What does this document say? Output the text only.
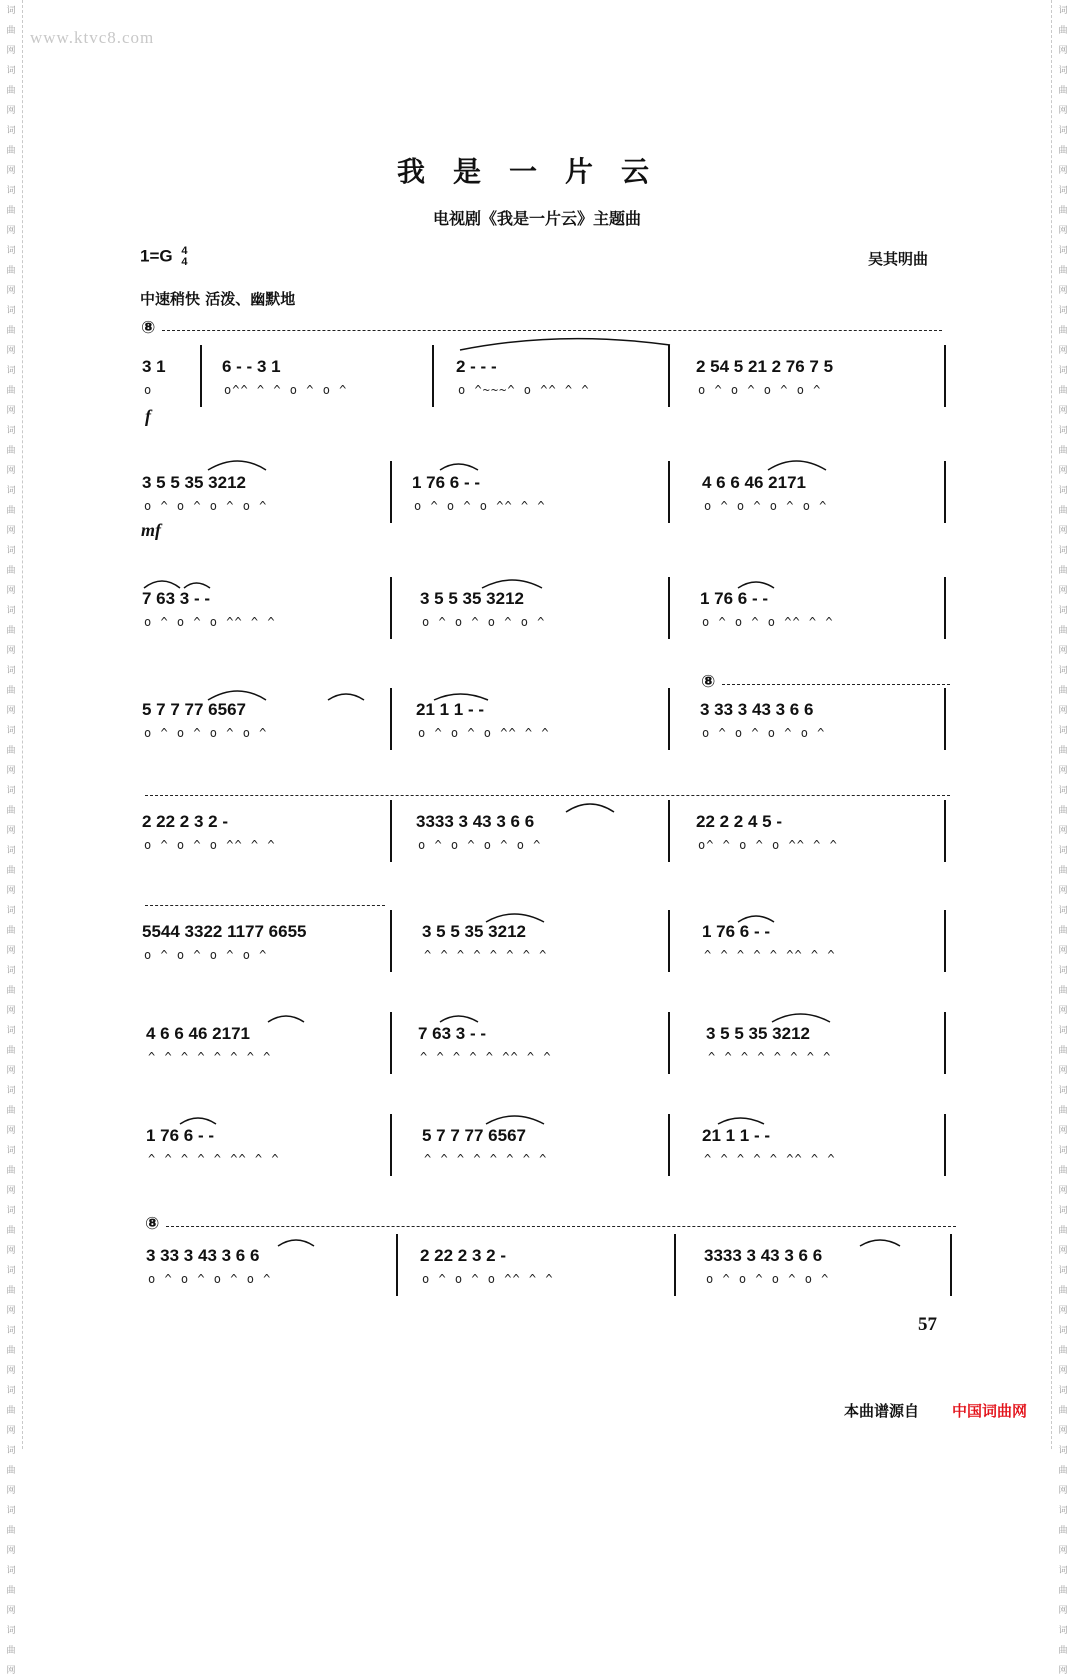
词
曲
网
词
曲
网
词
曲
网
词
曲
网
词
曲
网
词
曲
网
词
曲
网
词
曲
网
词
曲
网
词
曲
网
词
曲
网
词
曲
网
词
曲
网
词
曲
网
词
曲
网
词
曲
网
词
曲
网
词
曲
网
词
曲
网
词
曲
网
词
曲
网
词
曲
网
词
曲
网
词
曲
网
词
曲
网
词
曲
网
词
曲
网
词
曲
网
词
曲
网
词
曲
网
词
曲
网
词
曲
网
词
曲
网
词
曲
网
词
曲
网
词
曲
网
词
曲
网
词
曲
网
词
曲
网
词
曲
网
词
曲
网
词
曲
网
词
曲
网
词
曲
网
词
曲
网
词
曲
网
词
曲
网
词
曲
网
词
曲
网
词
曲
网
词
曲
网
词
曲
网
词
曲
网
词
曲
网
词
曲
网
词
曲
网
www.ktvc8.com
我是一片云
电视剧《我是一片云》主题曲
1=G 4
4	吴其明曲
中速稍快 活泼、幽默地
⑧
⑧
⑧
f
mf
3 1
o
6 - - 3 1
o^^ ^ ^ o ^ o ^
2 - - -
o ^~~~^ o ^^ ^ ^
2 54 5 21 2 76 7 5
o ^ o ^ o ^ o ^
3 5 5 35 3212
o ^ o ^ o ^ o ^
1 76 6 - -
o ^ o ^ o ^^ ^ ^
4 6 6 46 2171
o ^ o ^ o ^ o ^
7 63 3 - -
o ^ o ^ o ^^ ^ ^
3 5 5 35 3212
o ^ o ^ o ^ o ^
1 76 6 - -
o ^ o ^ o ^^ ^ ^
5 7 7 77 6567
o ^ o ^ o ^ o ^
21 1 1 - -
o ^ o ^ o ^^ ^ ^
3 33 3 43 3 6 6
o ^ o ^ o ^ o ^
2 22 2 3 2 -
o ^ o ^ o ^^ ^ ^
3333 3 43 3 6 6
o ^ o ^ o ^ o ^
22 2 2 4 5 -
o^ ^ o ^ o ^^ ^ ^
5544 3322 1177 6655
o ^ o ^ o ^ o ^
3 5 5 35 3212
^ ^ ^ ^ ^ ^ ^ ^
1 76 6 - -
^ ^ ^ ^ ^ ^^ ^ ^
4 6 6 46 2171
^ ^ ^ ^ ^ ^ ^ ^
7 63 3 - -
^ ^ ^ ^ ^ ^^ ^ ^
3 5 5 35 3212
^ ^ ^ ^ ^ ^ ^ ^
1 76 6 - -
^ ^ ^ ^ ^ ^^ ^ ^
5 7 7 77 6567
^ ^ ^ ^ ^ ^ ^ ^
21 1 1 - -
^ ^ ^ ^ ^ ^^ ^ ^
3 33 3 43 3 6 6
o ^ o ^ o ^ o ^
2 22 2 3 2 -
o ^ o ^ o ^^ ^ ^
3333 3 43 3 6 6
o ^ o ^ o ^ o ^
57
本曲谱源自 中国词曲网
